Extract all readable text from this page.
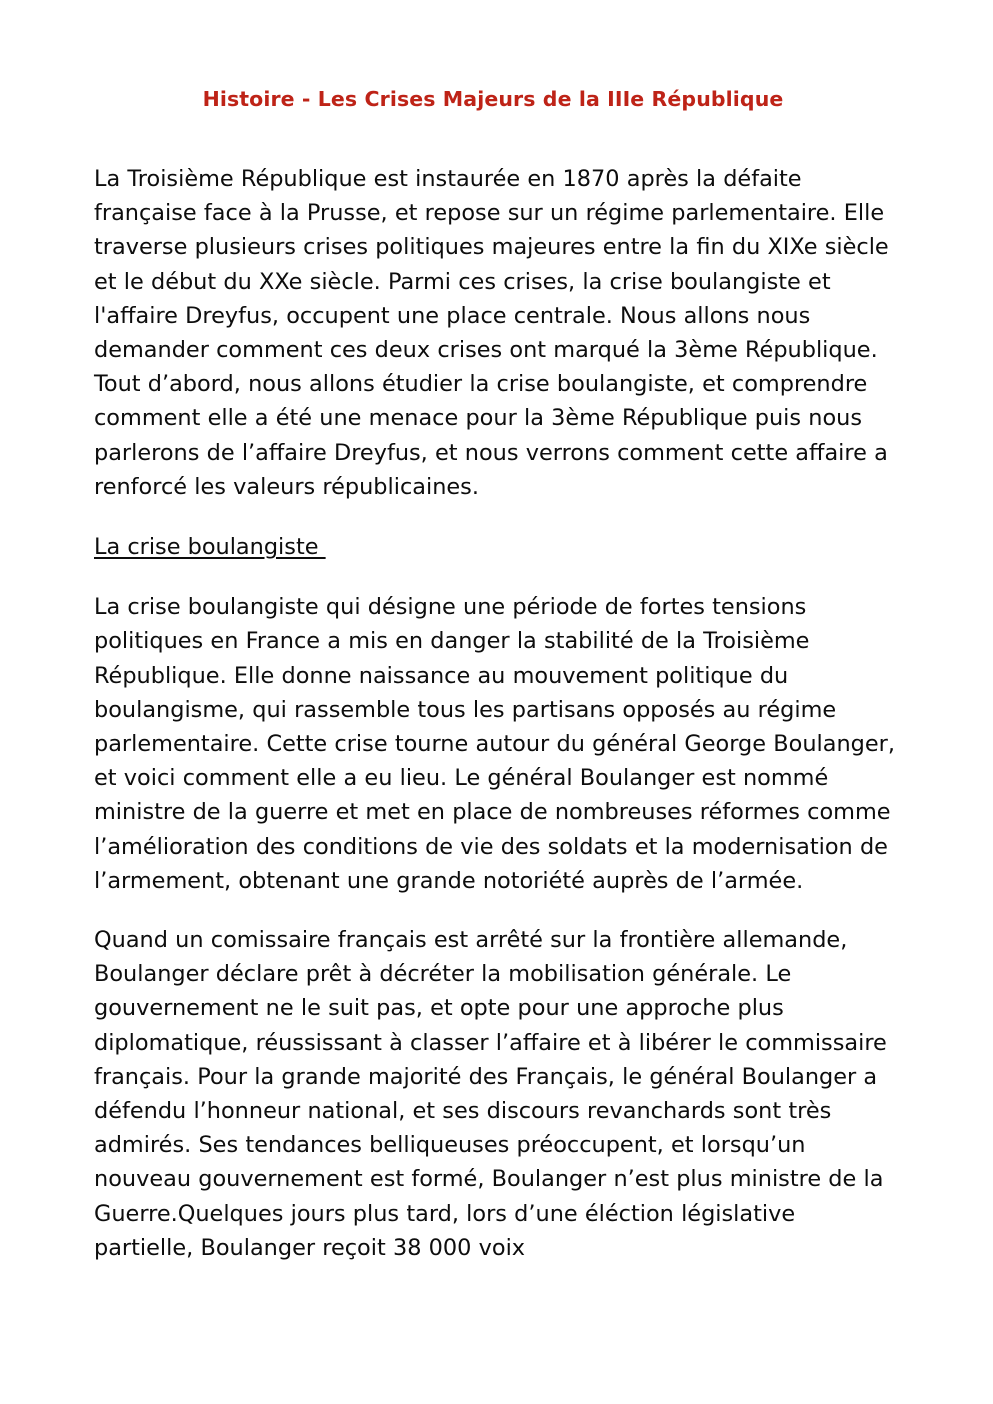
Histoire - Les Crises Majeurs de la IIIe République

La Troisième République est instaurée en 1870 après la défaite française face à la Prusse, et repose sur un régime parlementaire. Elle traverse plusieurs crises politiques majeures entre la fin du XIXe siècle et le début du XXe siècle. Parmi ces crises, la crise boulangiste et l'affaire Dreyfus, occupent une place centrale. Nous allons nous demander comment ces deux crises ont marqué la 3ème République. Tout d’abord, nous allons étudier la crise boulangiste, et comprendre comment elle a été une menace pour la 3ème République puis nous parlerons de l’affaire Dreyfus, et nous verrons comment cette affaire a renforcé les valeurs républicaines.

La crise boulangiste

La crise boulangiste qui désigne une période de fortes tensions politiques en France a mis en danger la stabilité de la Troisième République. Elle donne naissance au mouvement politique du boulangisme, qui rassemble tous les partisans opposés au régime parlementaire. Cette crise tourne autour du général George Boulanger, et voici comment elle a eu lieu. Le général Boulanger est nommé ministre de la guerre et met en place de nombreuses réformes comme l’amélioration des conditions de vie des soldats et la modernisation de l’armement, obtenant une grande notoriété auprès de l’armée.

Quand un comissaire français est arrêté sur la frontière allemande, Boulanger déclare prêt à décréter la mobilisation générale. Le gouvernement ne le suit pas, et opte pour une approche plus diplomatique, réussissant à classer l’affaire et à libérer le commissaire français. Pour la grande majorité des Français, le général Boulanger a défendu l’honneur national, et ses discours revanchards sont très admirés. Ses tendances belliqueuses préoccupent, et lorsqu’un nouveau gouvernement est formé, Boulanger n’est plus ministre de la Guerre.Quelques jours plus tard, lors d’une éléction législative partielle, Boulanger reçoit 38 000 voix
